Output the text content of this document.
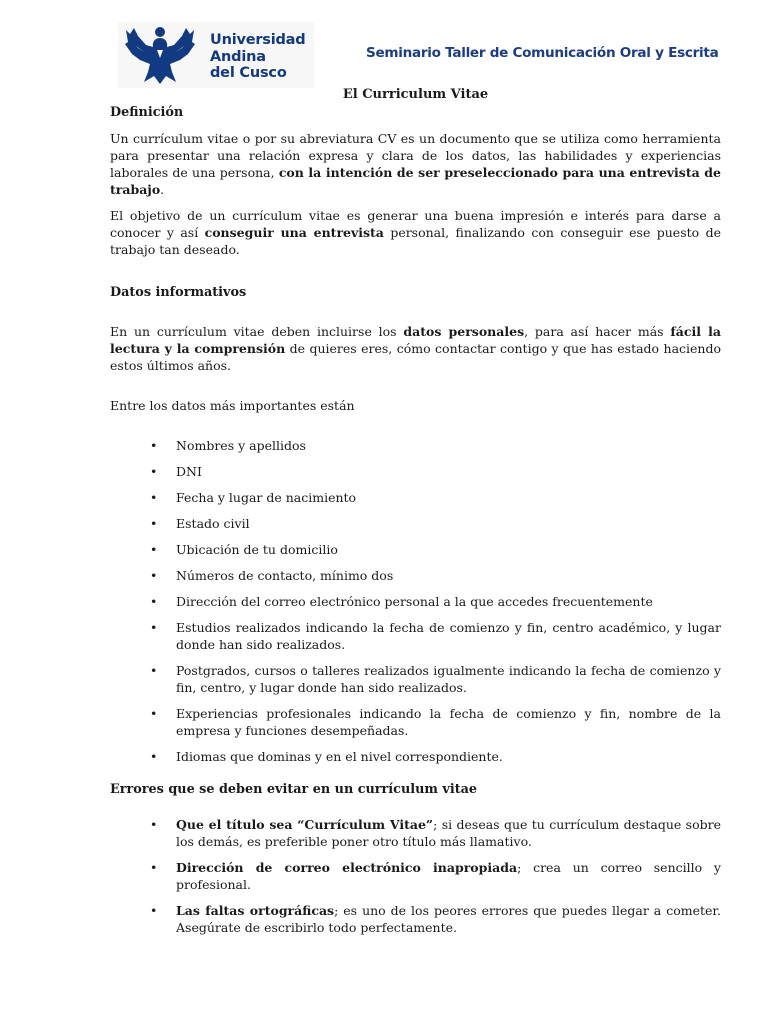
Universidad
Andina
del Cusco
Seminario Taller de Comunicación Oral y Escrita
El Curriculum Vitae
Definición

Un currículum vitae o por su abreviatura CV es un documento que se utiliza como herramienta para presentar una relación expresa y clara de los datos, las habilidades y experiencias laborales de una persona, con la intención de ser preseleccionado para una entrevista de trabajo.

El objetivo de un currículum vitae es generar una buena impresión e interés para darse a conocer y así conseguir una entrevista personal, finalizando con conseguir ese puesto de trabajo tan deseado.

Datos informativos

En un currículum vitae deben incluirse los datos personales, para así hacer más fácil la lectura y la comprensión de quieres eres, cómo contactar contigo y que has estado haciendo estos últimos años.

Entre los datos más importantes están

• Nombres y apellidos
• DNI
• Fecha y lugar de nacimiento
• Estado civil
• Ubicación de tu domicilio
• Números de contacto, mínimo dos
• Dirección del correo electrónico personal a la que accedes frecuentemente
• Estudios realizados indicando la fecha de comienzo y fin, centro académico, y lugar donde han sido realizados.
• Postgrados, cursos o talleres realizados igualmente indicando la fecha de comienzo y fin, centro, y lugar donde han sido realizados.
• Experiencias profesionales indicando la fecha de comienzo y fin, nombre de la empresa y funciones desempeñadas.
• Idiomas que dominas y en el nivel correspondiente.
Errores que se deben evitar en un currículum vitae
• Que el título sea “Currículum Vitae”; si deseas que tu currículum destaque sobre los demás, es preferible poner otro título más llamativo.
• Dirección de correo electrónico inapropiada; crea un correo sencillo y profesional.
• Las faltas ortográficas; es uno de los peores errores que puedes llegar a cometer. Asegúrate de escribirlo todo perfectamente.
